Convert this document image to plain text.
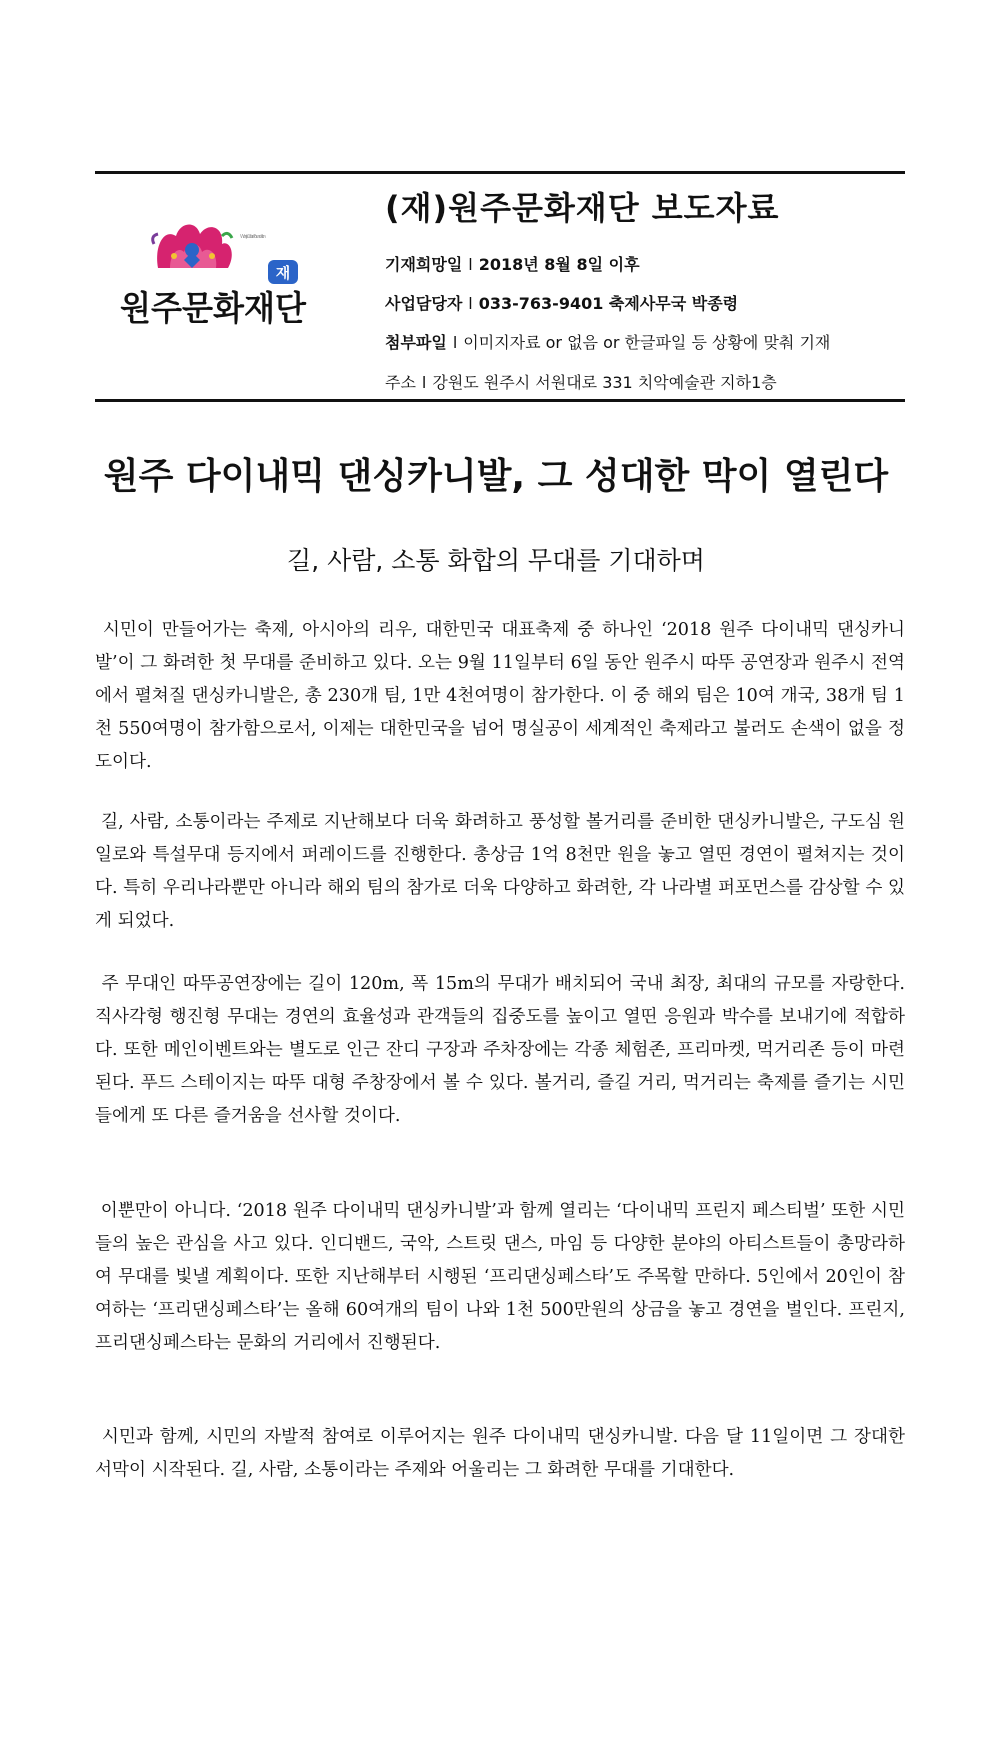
Wonju Culture Foundation
원주문화재단
재
(재)원주문화재단 보도자료
기재희망일 l 2018년 8월 8일 이후
사업담당자 l 033-763-9401 축제사무국 박종령
첨부파일 l 이미지자료 or 없음 or 한글파일 등 상황에 맞춰 기재
주소 l 강원도 원주시 서원대로 331 치악예술관 지하1층
원주 다이내믹 댄싱카니발, 그 성대한 막이 열린다
길, 사람, 소통 화합의 무대를 기대하며
시민이 만들어가는 축제, 아시아의 리우, 대한민국 대표축제 중 하나인 ‘2018 원주 다이내믹 댄싱카니발’이 그 화려한 첫 무대를 준비하고 있다. 오는 9월 11일부터 6일 동안 원주시 따뚜 공연장과 원주시 전역에서 펼쳐질 댄싱카니발은, 총 230개 팀, 1만 4천여명이 참가한다. 이 중 해외 팀은 10여 개국, 38개 팀 1천 550여명이 참가함으로서, 이제는 대한민국을 넘어 명실공이 세계적인 축제라고 불러도 손색이 없을 정도이다.
길, 사람, 소통이라는 주제로 지난해보다 더욱 화려하고 풍성할 볼거리를 준비한 댄싱카니발은, 구도심 원일로와 특설무대 등지에서 퍼레이드를 진행한다. 총상금 1억 8천만 원을 놓고 열띤 경연이 펼쳐지는 것이다. 특히 우리나라뿐만 아니라 해외 팀의 참가로 더욱 다양하고 화려한, 각 나라별 퍼포먼스를 감상할 수 있게 되었다.
주 무대인 따뚜공연장에는 길이 120m, 폭 15m의 무대가 배치되어 국내 최장, 최대의 규모를 자랑한다. 직사각형 행진형 무대는 경연의 효율성과 관객들의 집중도를 높이고 열띤 응원과 박수를 보내기에 적합하다. 또한 메인이벤트와는 별도로 인근 잔디 구장과 주차장에는 각종 체험존, 프리마켓, 먹거리존 등이 마련된다. 푸드 스테이지는 따뚜 대형 주창장에서 볼 수 있다. 볼거리, 즐길 거리, 먹거리는 축제를 즐기는 시민들에게 또 다른 즐거움을 선사할 것이다.
이뿐만이 아니다. ‘2018 원주 다이내믹 댄싱카니발’과 함께 열리는 ‘다이내믹 프린지 페스티벌’ 또한 시민들의 높은 관심을 사고 있다. 인디밴드, 국악, 스트릿 댄스, 마임 등 다양한 분야의 아티스트들이 총망라하여 무대를 빛낼 계획이다. 또한 지난해부터 시행된 ‘프리댄싱페스타’도 주목할 만하다. 5인에서 20인이 참여하는 ‘프리댄싱페스타’는 올해 60여개의 팀이 나와 1천 500만원의 상금을 놓고 경연을 벌인다. 프린지, 프리댄싱페스타는 문화의 거리에서 진행된다.
시민과 함께, 시민의 자발적 참여로 이루어지는 원주 다이내믹 댄싱카니발. 다음 달 11일이면 그 장대한 서막이 시작된다. 길, 사람, 소통이라는 주제와 어울리는 그 화려한 무대를 기대한다.
